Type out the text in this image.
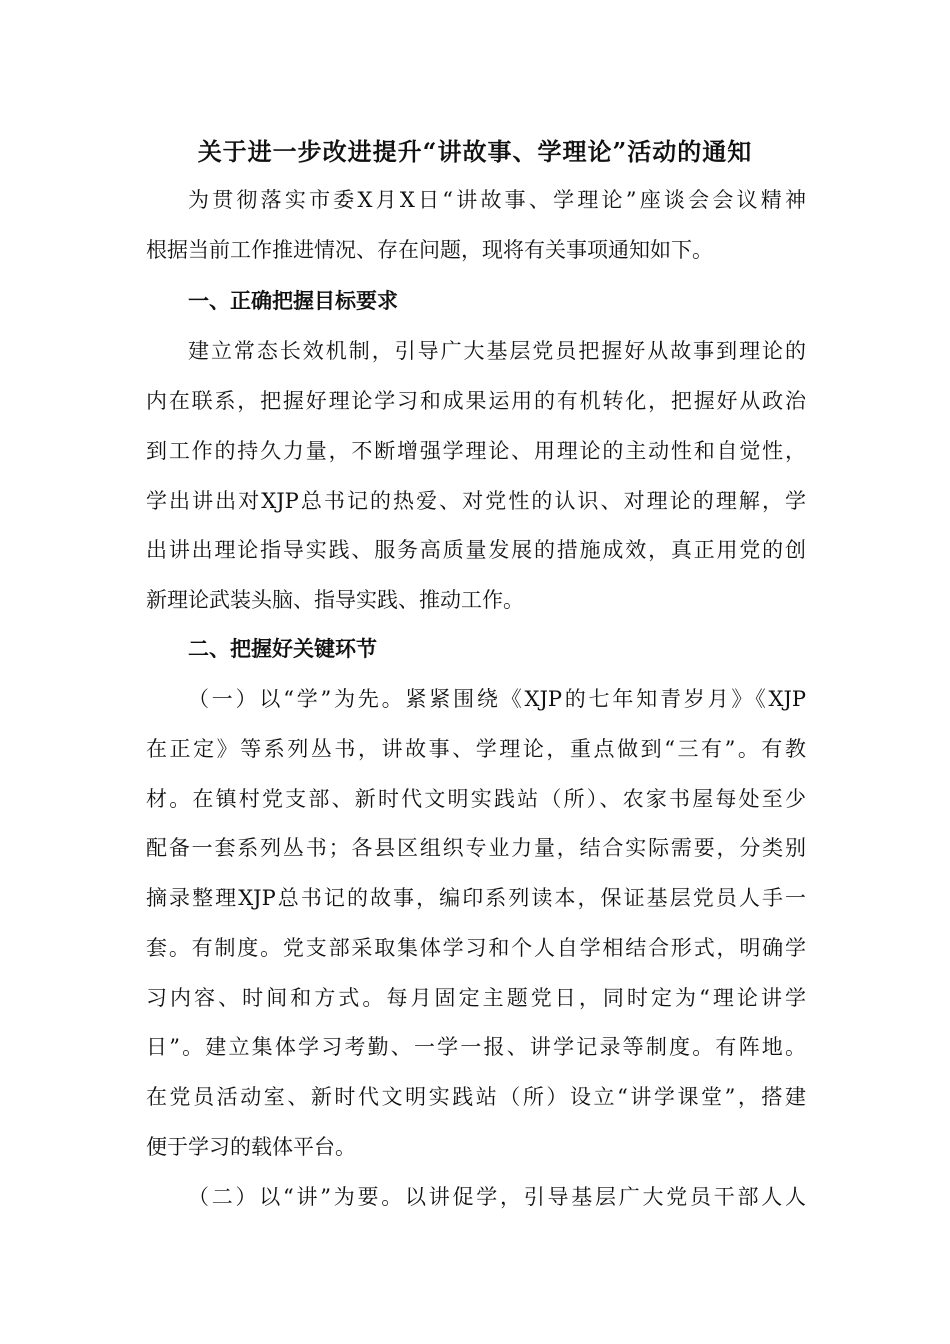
关于进一步改进提升“讲故事、学理论”活动的通知
为贯彻落实市委X月X日“讲故事、学理论”座谈会会议精神
根据当前工作推进情况、存在问题，现将有关事项通知如下。
一、正确把握目标要求
建立常态长效机制，引导广大基层党员把握好从故事到理论的
内在联系，把握好理论学习和成果运用的有机转化，把握好从政治
到工作的持久力量，不断增强学理论、用理论的主动性和自觉性，
学出讲出对XJP总书记的热爱、对党性的认识、对理论的理解，学
出讲出理论指导实践、服务高质量发展的措施成效，真正用党的创
新理论武装头脑、指导实践、推动工作。
二、把握好关键环节
（一）以“学”为先。紧紧围绕《XJP的七年知青岁月》《XJP
在正定》等系列丛书，讲故事、学理论，重点做到“三有”。有教
材。在镇村党支部、新时代文明实践站（所）、农家书屋每处至少
配备一套系列丛书；各县区组织专业力量，结合实际需要，分类别
摘录整理XJP总书记的故事，编印系列读本，保证基层党员人手一
套。有制度。党支部采取集体学习和个人自学相结合形式，明确学
习内容、时间和方式。每月固定主题党日，同时定为“理论讲学
日”。建立集体学习考勤、一学一报、讲学记录等制度。有阵地。
在党员活动室、新时代文明实践站（所）设立“讲学课堂”，搭建
便于学习的载体平台。
（二）以“讲”为要。以讲促学，引导基层广大党员干部人人
